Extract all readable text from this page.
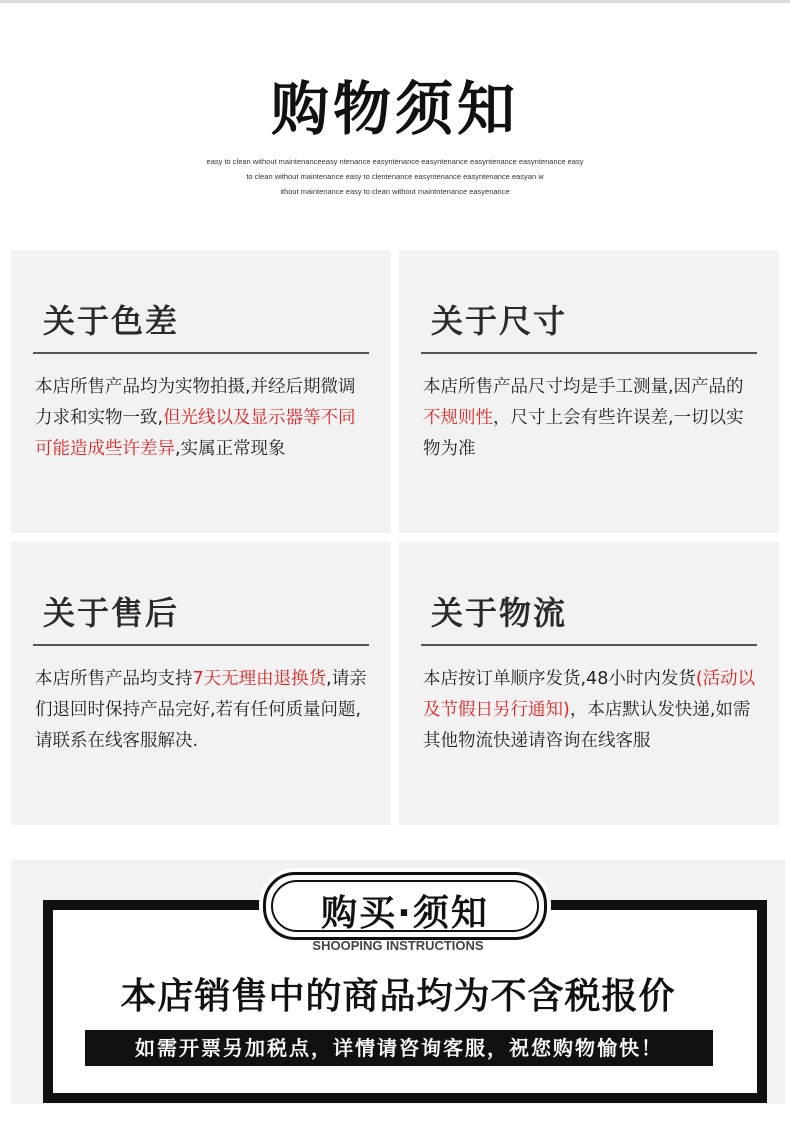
购物须知
easy to clean without maintenanceeasy ntenance easyntenance easyntenance easyntenance easyntenance easy
to clean without maintenance easy to clentenance easyntenance easyntenance easyan w
ithout maintenance easy to clean without maintntenance easyenance
关于色差
本店所售产品均为实物拍摄,并经后期微调力求和实物一致,但光线以及显示器等不同可能造成些许差异,实属正常现象
关于尺寸
本店所售产品尺寸均是手工测量,因产品的不规则性，尺寸上会有些许误差,一切以实物为准
关于售后
本店所售产品均支持7天无理由退换货,请亲们退回时保持产品完好,若有任何质量问题,请联系在线客服解决.
关于物流
本店按订单顺序发货,48小时内发货(活动以及节假日另行通知)，本店默认发快递,如需其他物流快递请咨询在线客服
购买·须知
SHOOPING INSTRUCTIONS
本店销售中的商品均为不含税报价
如需开票另加税点，详情请咨询客服，祝您购物愉快！
